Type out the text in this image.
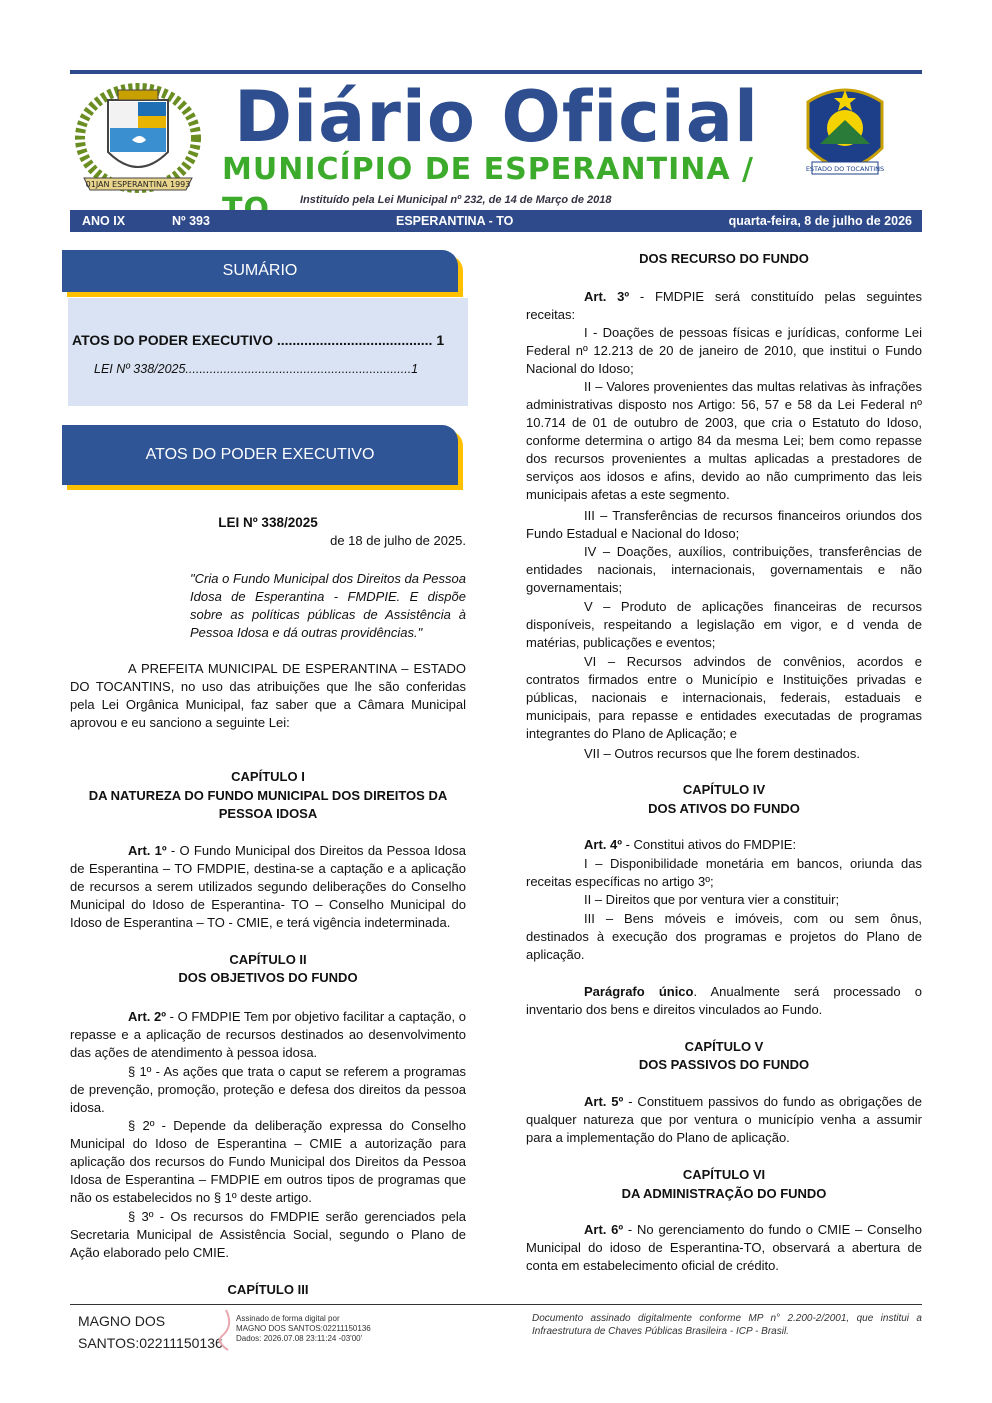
01JAN ESPERANTINA 1993
Diário Oficial
MUNICÍPIO DE ESPERANTINA /
Instituído pela Lei Municipal nº 232, de 14 de Março de 2018
ESTADO DO TOCANTINS
ANO IX	Nº 393	ESPERANTINA - TO	quarta-feira, 8 de julho de 2026
SUMÁRIO
ATOS DO PODER EXECUTIVO ........................................ 1
LEI Nº 338/2025.................................................................1
ATOS DO PODER EXECUTIVO
LEI Nº 338/2025
de 18 de julho de 2025.
"Cria o Fundo Municipal dos Direitos da Pessoa Idosa de Esperantina - FMDPIE. E dispõe sobre as políticas públicas de Assistência à Pessoa Idosa e dá outras providências."
A PREFEITA MUNICIPAL DE ESPERANTINA – ESTADO DO TOCANTINS, no uso das atribuições que lhe são conferidas pela Lei Orgânica Municipal, faz saber que a Câmara Municipal aprovou e eu sanciono a seguinte Lei:
CAPÍTULO I
DA NATUREZA DO FUNDO MUNICIPAL DOS DIREITOS DA PESSOA IDOSA
Art. 1º - O Fundo Municipal dos Direitos da Pessoa Idosa de Esperantina – TO FMDPIE, destina-se a captação e a aplicação de recursos a serem utilizados segundo deliberações do Conselho Municipal do Idoso de Esperantina- TO – Conselho Municipal do Idoso de Esperantina – TO - CMIE, e terá vigência indeterminada.
CAPÍTULO II
DOS OBJETIVOS DO FUNDO
Art. 2º - O FMDPIE Tem por objetivo facilitar a captação, o repasse e a aplicação de recursos destinados ao desenvolvimento das ações de atendimento à pessoa idosa.
§ 1º - As ações que trata o caput se referem a programas de prevenção, promoção, proteção e defesa dos direitos da pessoa idosa.
§ 2º - Depende da deliberação expressa do Conselho Municipal do Idoso de Esperantina – CMIE a autorização para aplicação dos recursos do Fundo Municipal dos Direitos da Pessoa Idosa de Esperantina – FMDPIE em outros tipos de programas que não os estabelecidos no § 1º deste artigo.
§ 3º - Os recursos do FMDPIE serão gerenciados pela Secretaria Municipal de Assistência Social, segundo o Plano de Ação elaborado pelo CMIE.
CAPÍTULO III
DOS RECURSO DO FUNDO
Art. 3º - FMDPIE será constituído pelas seguintes receitas:
I - Doações de pessoas físicas e jurídicas, conforme Lei Federal nº 12.213 de 20 de janeiro de 2010, que institui o Fundo Nacional do Idoso;
II – Valores provenientes das multas relativas às infrações administrativas disposto nos Artigo: 56, 57 e 58 da Lei Federal nº 10.714 de 01 de outubro de 2003, que cria o Estatuto do Idoso, conforme determina o artigo 84 da mesma Lei; bem como repasse dos recursos provenientes a multas aplicadas a prestadores de serviços aos idosos e afins, devido ao não cumprimento das leis municipais afetas a este segmento.
III – Transferências de recursos financeiros oriundos dos Fundo Estadual e Nacional do Idoso;
IV – Doações, auxílios, contribuições, transferências de entidades nacionais, internacionais, governamentais e não governamentais;
V – Produto de aplicações financeiras de recursos disponíveis, respeitando a legislação em vigor, e d venda de matérias, publicações e eventos;
VI – Recursos advindos de convênios, acordos e contratos firmados entre o Município e Instituições privadas e públicas, nacionais e internacionais, federais, estaduais e municipais, para repasse e entidades executadas de programas integrantes do Plano de Aplicação; e
VII – Outros recursos que lhe forem destinados.
CAPÍTULO IV
DOS ATIVOS DO FUNDO
Art. 4º - Constitui ativos do FMDPIE:
I – Disponibilidade monetária em bancos, oriunda das receitas específicas no artigo 3º;
II – Direitos que por ventura vier a constituir;
III – Bens móveis e imóveis, com ou sem ônus, destinados à execução dos programas e projetos do Plano de aplicação.
Parágrafo único. Anualmente será processado o inventario dos bens e direitos vinculados ao Fundo.
CAPÍTULO V
DOS PASSIVOS DO FUNDO
Art. 5º - Constituem passivos do fundo as obrigações de qualquer natureza que por ventura o município venha a assumir para a implementação do Plano de aplicação.
CAPÍTULO VI
DA ADMINISTRAÇÃO DO FUNDO
Art. 6º - No gerenciamento do fundo o CMIE – Conselho Municipal do idoso de Esperantina-TO, observará a abertura de conta em estabelecimento oficial de crédito.
MAGNO DOS SANTOS:02211150136
Assinado de forma digital por
MAGNO DOS SANTOS:02211150136
Dados: 2026.07.08 23:11:24 -03'00'
Documento assinado digitalmente conforme MP n° 2.200-2/2001, que institui a Infraestrutura de Chaves Públicas Brasileira - ICP - Brasil.
